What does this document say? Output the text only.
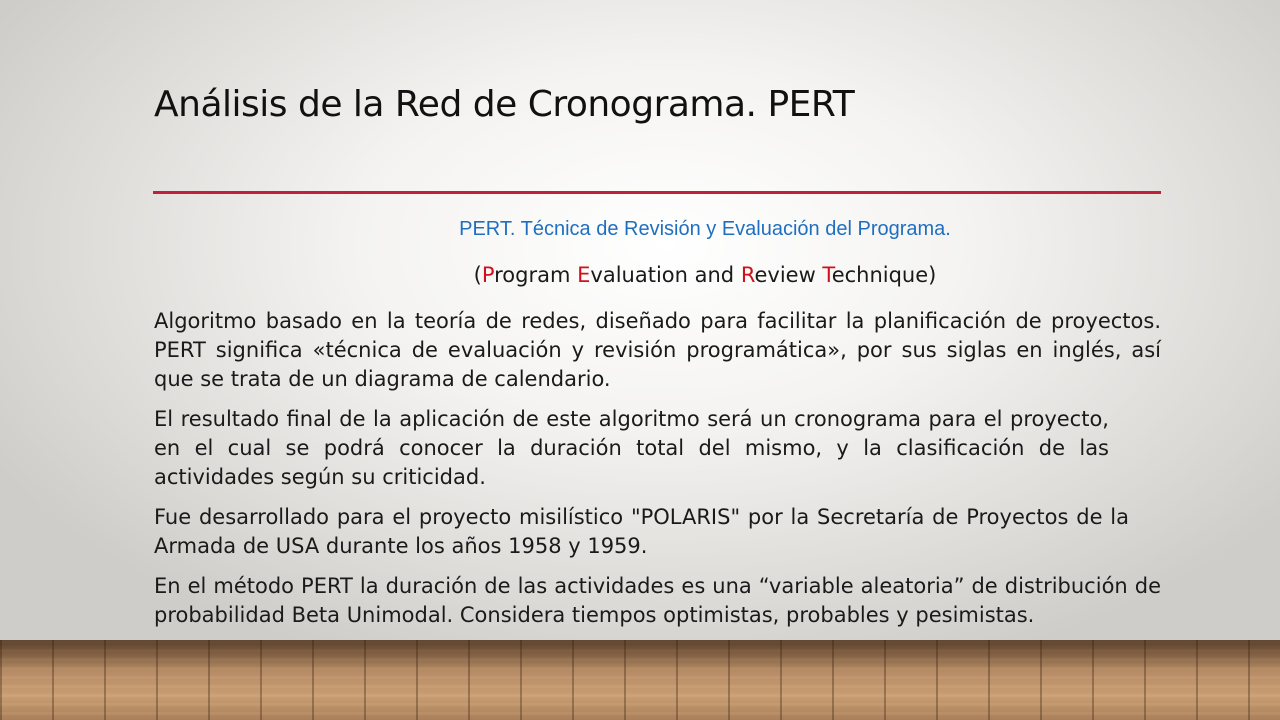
Análisis de la Red de Cronograma. PERT
PERT. Técnica de Revisión y Evaluación del Programa.
(Program Evaluation and Review Technique)

Algoritmo basado en la teoría de redes, diseñado para facilitar la planificación de proyectos. PERT significa «técnica de evaluación y revisión programática», por sus siglas en inglés, así que se trata de un diagrama de calendario.

El resultado final de la aplicación de este algoritmo será un cronograma para el proyecto, en el cual se podrá conocer la duración total del mismo, y la clasificación de las actividades según su criticidad.

Fue desarrollado para el proyecto misilístico "POLARIS" por la Secretaría de Proyectos de la Armada de USA durante los años 1958 y 1959.

En el método PERT la duración de las actividades es una “variable aleatoria” de distribución de probabilidad Beta Unimodal. Considera tiempos optimistas, probables y pesimistas.
